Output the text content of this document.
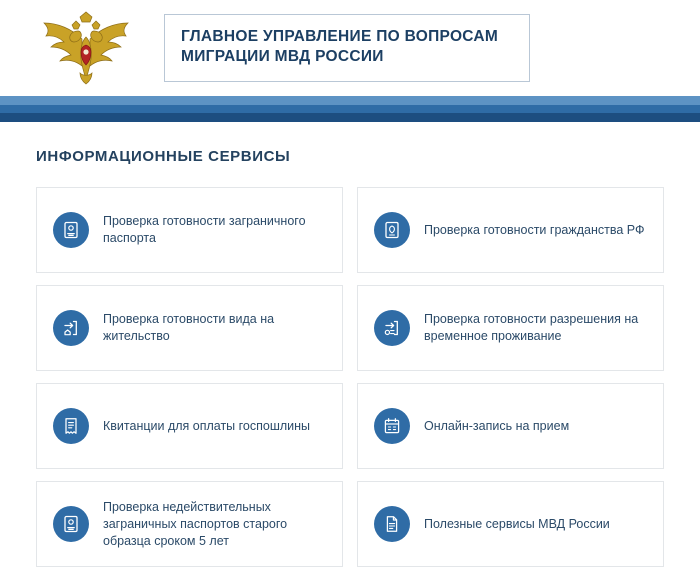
ГЛАВНОЕ УПРАВЛЕНИЕ ПО ВОПРОСАМ
МИГРАЦИИ МВД РОССИИ
ИНФОРМАЦИОННЫЕ СЕРВИСЫ
Проверка готовности заграничного паспорта
Проверка готовности гражданства РФ
Проверка готовности вида на жительство
Проверка готовности разрешения на временное проживание
Квитанции для оплаты госпошлины	Онлайн-запись на прием
Проверка недействительных заграничных паспортов старого образца сроком 5 лет
Полезные сервисы МВД России
